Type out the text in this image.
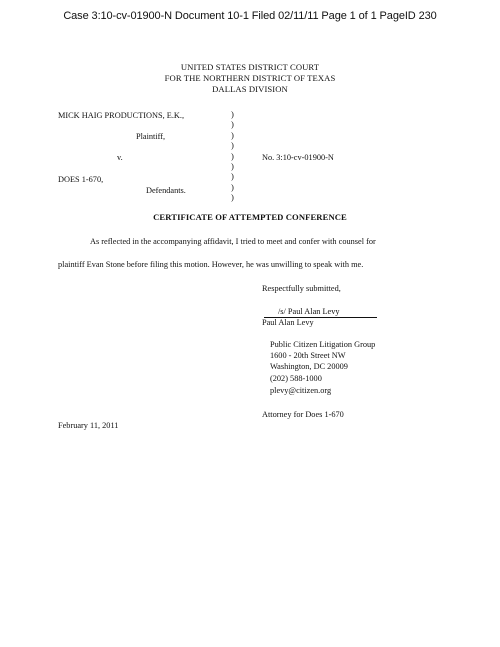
Case 3:10-cv-01900-N Document 10-1 Filed 02/11/11 Page 1 of 1 PageID 230
UNITED STATES DISTRICT COURT
FOR THE NORTHERN DISTRICT OF TEXAS
DALLAS DIVISION
MICK HAIG PRODUCTIONS, E.K.,
Plaintiff,
v.	No. 3:10-cv-01900-N
DOES 1-670,
Defendants.
)
)
)
)
)
)
)
)
)
CERTIFICATE OF ATTEMPTED CONFERENCE
As reflected in the accompanying affidavit, I tried to meet and confer with counsel for
plaintiff Evan Stone before filing this motion. However, he was unwilling to speak with me.
Respectfully submitted,
/s/ Paul Alan Levy
Paul Alan Levy
Public Citizen Litigation Group
1600 - 20th Street NW
Washington, DC 20009
(202) 588-1000
plevy@citizen.org
Attorney for Does 1-670
February 11, 2011
